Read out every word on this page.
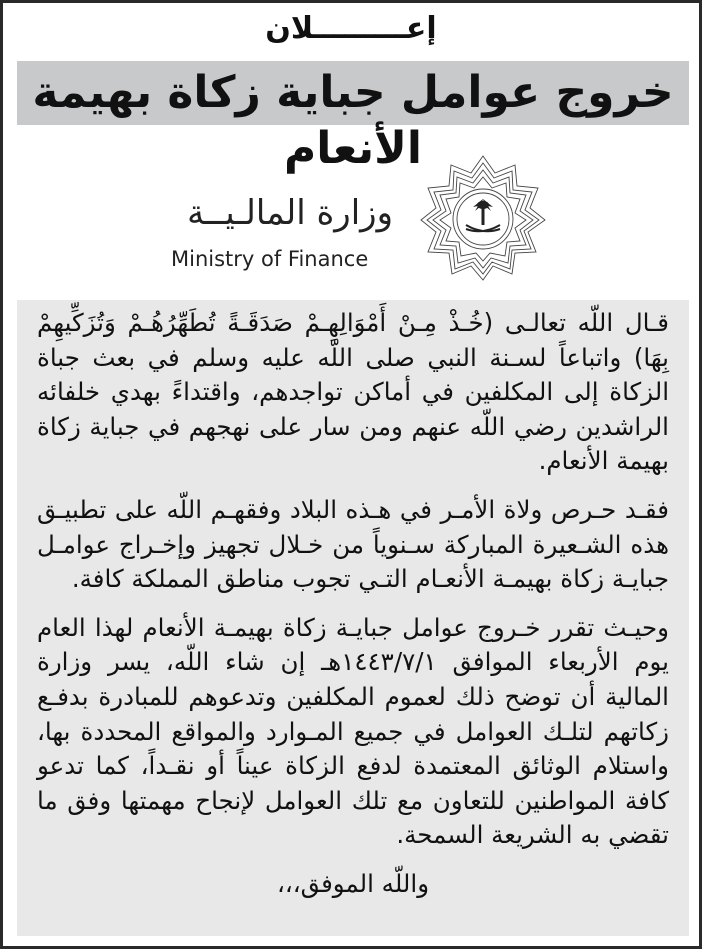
إعـــــــــلان
خروج عوامل جباية زكاة بهيمة الأنعام
وزارة المالـيــة
Ministry of Finance

قـال اللّه تعالـى (خُـذْ مِـنْ أَمْوَالِهِـمْ صَدَقَـةً تُطَهِّرُهُـمْ وَتُزَكِّيهِمْ بِهَا) واتباعاً لسـنة النبي صلى اللّه عليه وسلم في بعث جباة الزكاة إلى المكلفين في أماكن تواجدهم، واقتداءً بهدي خلفائه الراشدين رضي اللّه عنهم ومن سار على نهجهم في جباية زكاة بهيمة الأنعام.

فقـد حـرص ولاة الأمـر في هـذه البلاد وفقهـم اللّه على تطبيـق هذه الشـعيرة المباركة سـنوياً من خـلال تجهيز وإخـراج عوامـل جبايـة زكاة بهيمـة الأنعـام التـي تجوب مناطق المملكة كافة.

وحيـث تقرر خـروج عوامل جبايـة زكاة بهيمـة الأنعام لهذا العام يوم الأربعاء الموافق ١٤٤٣/٧/١هـ إن شاء اللّه، يسر وزارة المالية أن توضح ذلك لعموم المكلفين وتدعوهم للمبادرة بدفـع زكاتهم لتلـك العوامل في جميع المـوارد والمواقع المحددة بها، واستلام الوثائق المعتمدة لدفع الزكاة عيناً أو نقـداً، كما تدعو كافة المواطنين للتعاون مع تلك العوامل لإنجاح مهمتها وفق ما تقضي به الشريعة السمحة.

واللّه الموفق،،،
